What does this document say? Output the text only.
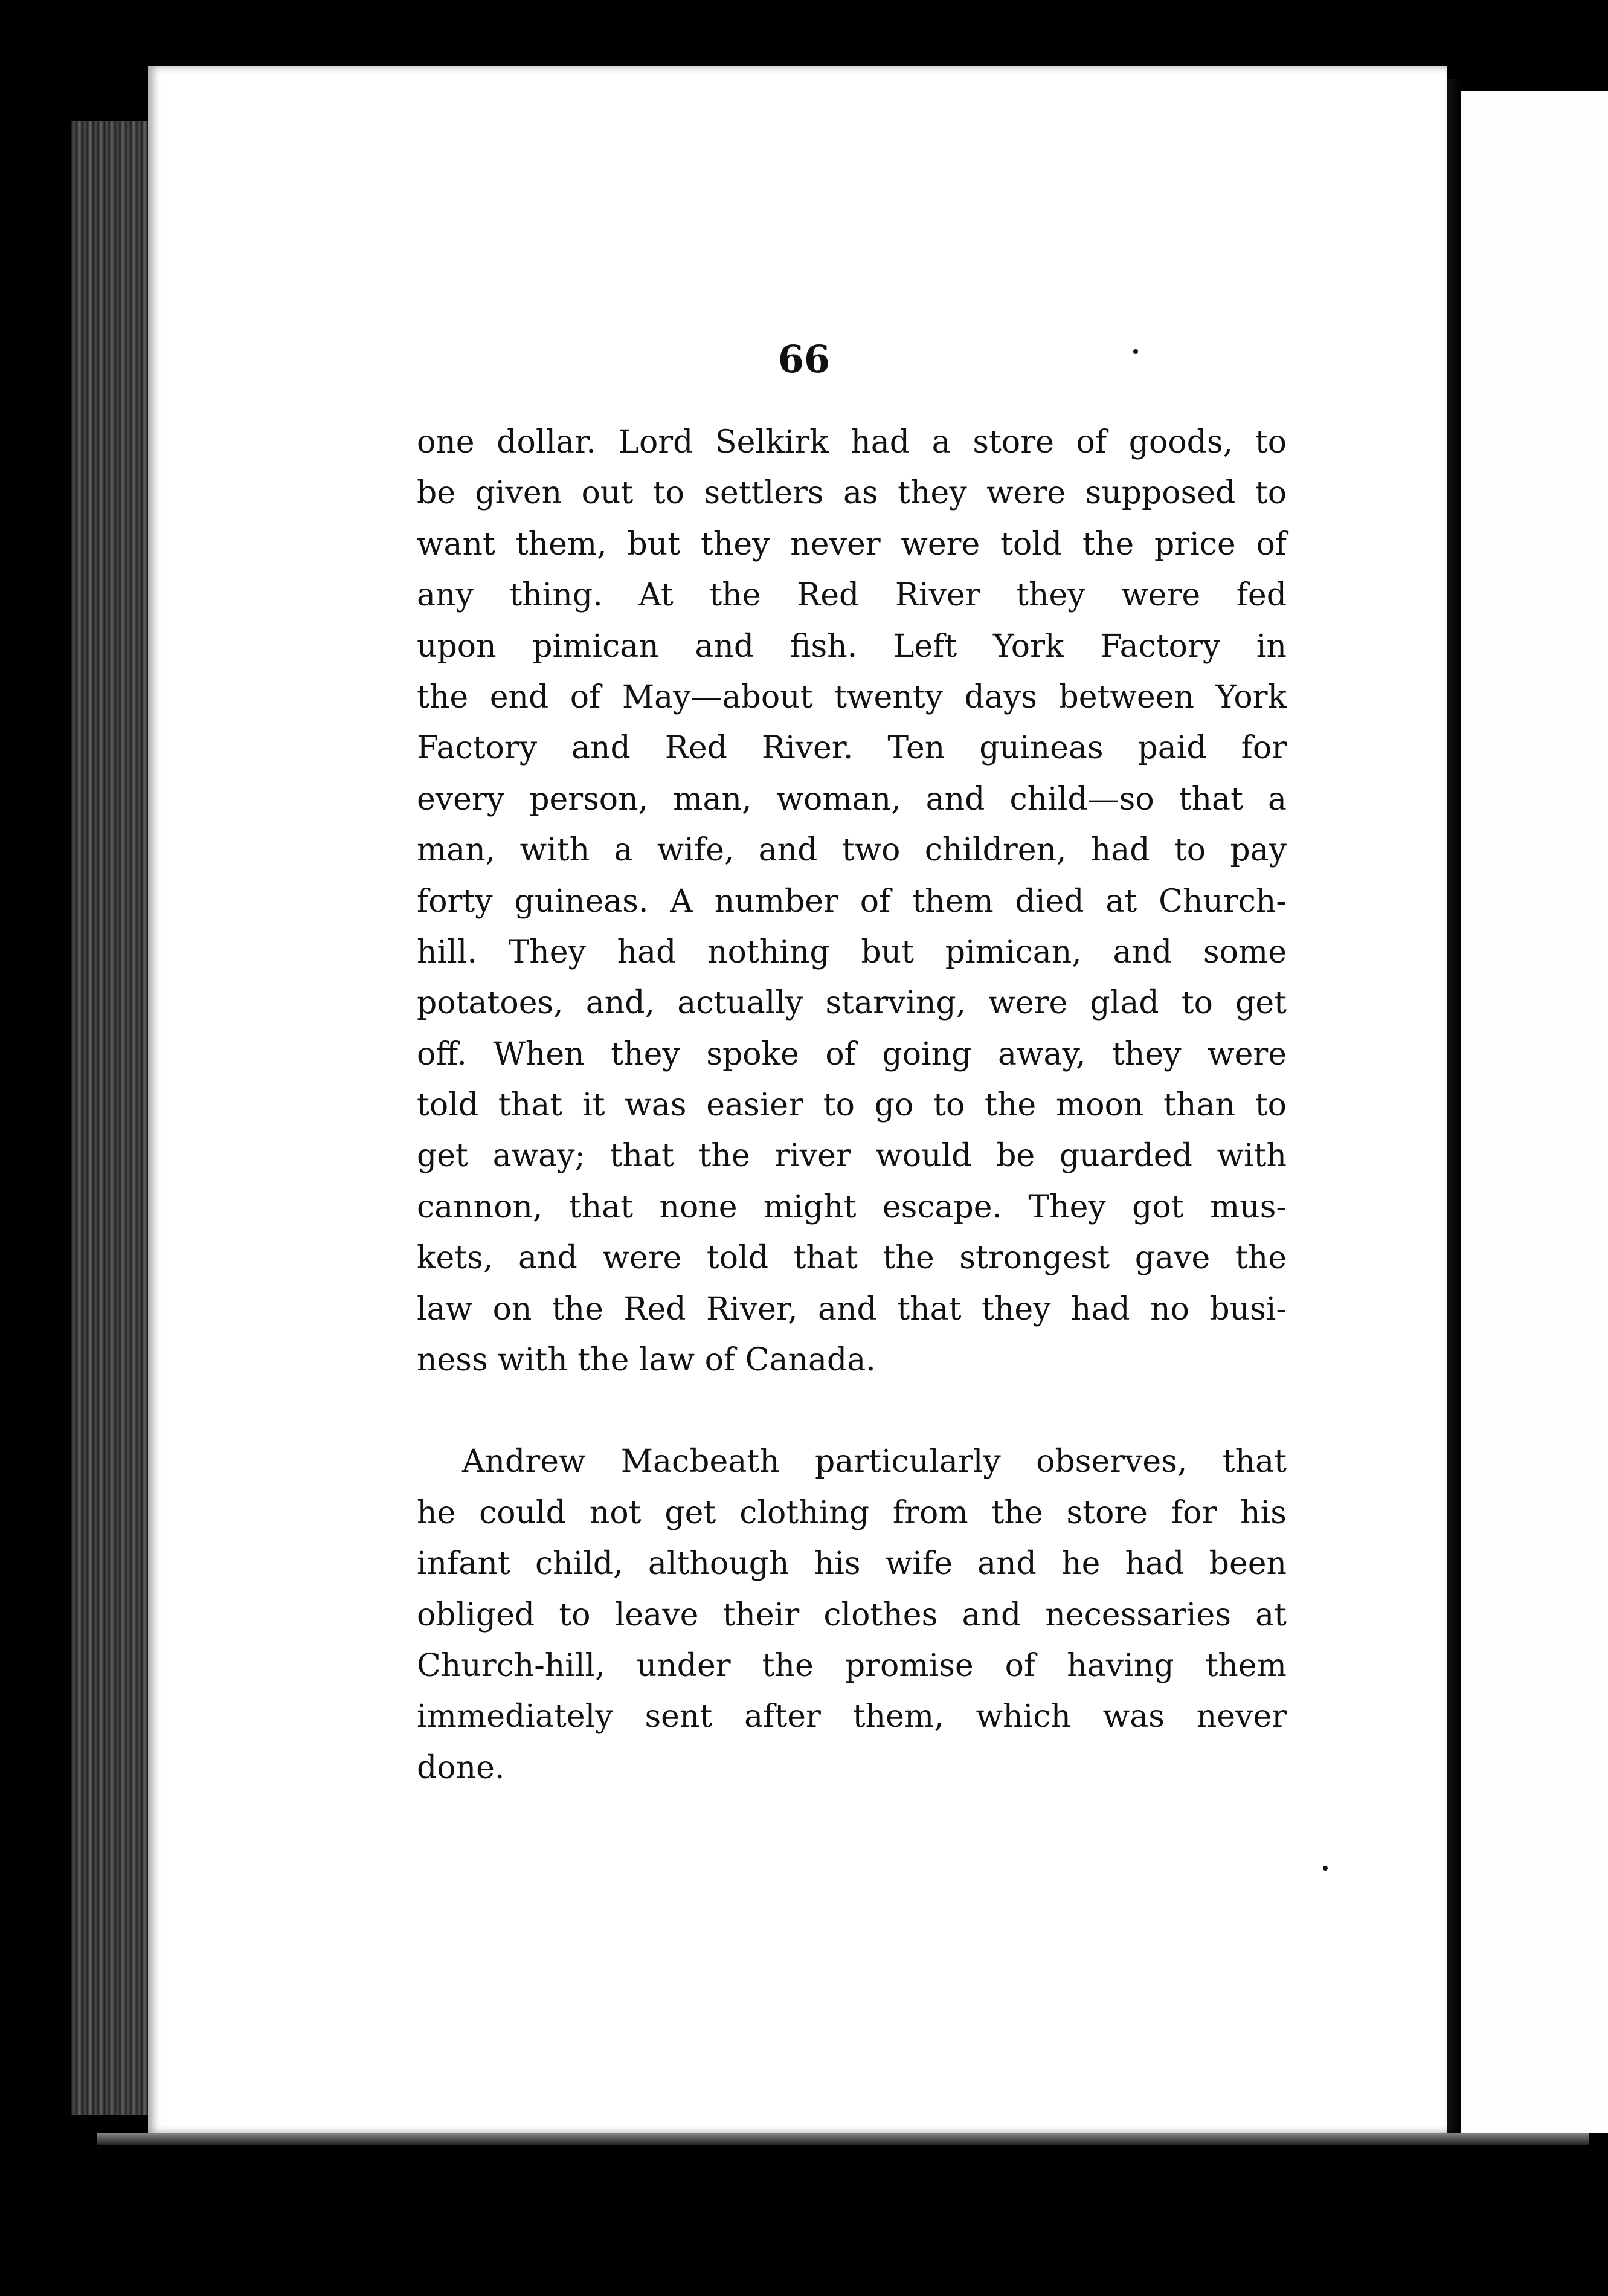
66
one dollar. Lord Selkirk had a store of goods, to
be given out to settlers as they were supposed to
want them, but they never were told the price of
any thing. At the Red River they were fed
upon pimican and fish. Left York Factory in
the end of May—about twenty days between York
Factory and Red River. Ten guineas paid for
every person, man, woman, and child—so that a
man, with a wife, and two children, had to pay
forty guineas. A number of them died at Church-
hill. They had nothing but pimican, and some
potatoes, and, actually starving, were glad to get
off. When they spoke of going away, they were
told that it was easier to go to the moon than to
get away; that the river would be guarded with
cannon, that none might escape. They got mus-
kets, and were told that the strongest gave the
law on the Red River, and that they had no busi-
ness with the law of Canada.
Andrew Macbeath particularly observes, that
he could not get clothing from the store for his
infant child, although his wife and he had been
obliged to leave their clothes and necessaries at
Church-hill, under the promise of having them
immediately sent after them, which was never
done.
